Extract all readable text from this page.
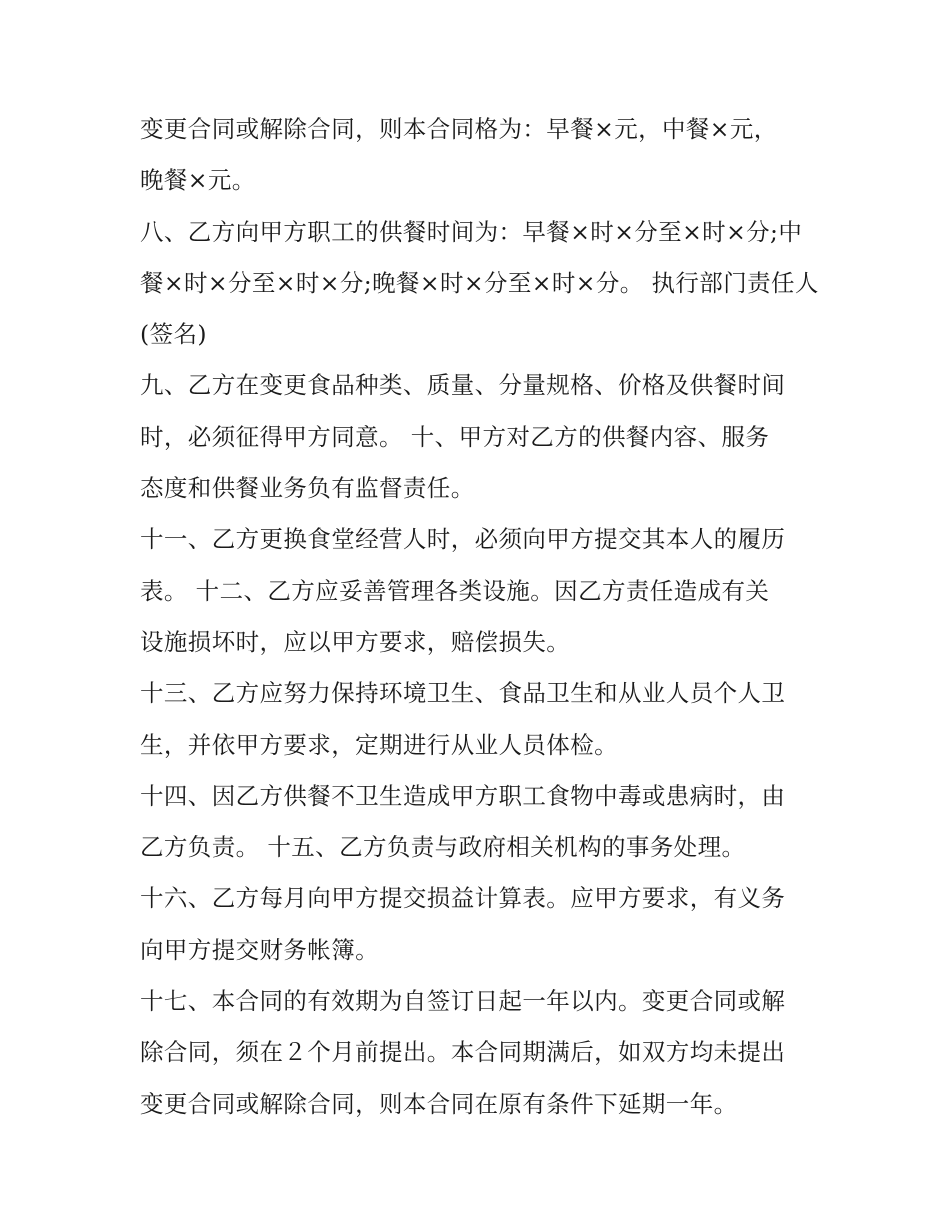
变更合同或解除合同，则本合同格为：早餐×元，中餐×元，
晚餐×元。
八、乙方向甲方职工的供餐时间为：早餐×时×分至×时×分;中
餐×时×分至×时×分;晚餐×时×分至×时×分。 执行部门责任人
(签名)
九、乙方在变更食品种类、质量、分量规格、价格及供餐时间
时，必须征得甲方同意。 十、甲方对乙方的供餐内容、服务
态度和供餐业务负有监督责任。
十一、乙方更换食堂经营人时，必须向甲方提交其本人的履历
表。 十二、乙方应妥善管理各类设施。因乙方责任造成有关
设施损坏时，应以甲方要求，赔偿损失。
十三、乙方应努力保持环境卫生、食品卫生和从业人员个人卫
生，并依甲方要求，定期进行从业人员体检。
十四、因乙方供餐不卫生造成甲方职工食物中毒或患病时，由
乙方负责。 十五、乙方负责与政府相关机构的事务处理。
十六、乙方每月向甲方提交损益计算表。应甲方要求，有义务
向甲方提交财务帐簿。
十七、本合同的有效期为自签订日起一年以内。变更合同或解
除合同，须在２个月前提出。本合同期满后，如双方均未提出
变更合同或解除合同，则本合同在原有条件下延期一年。
